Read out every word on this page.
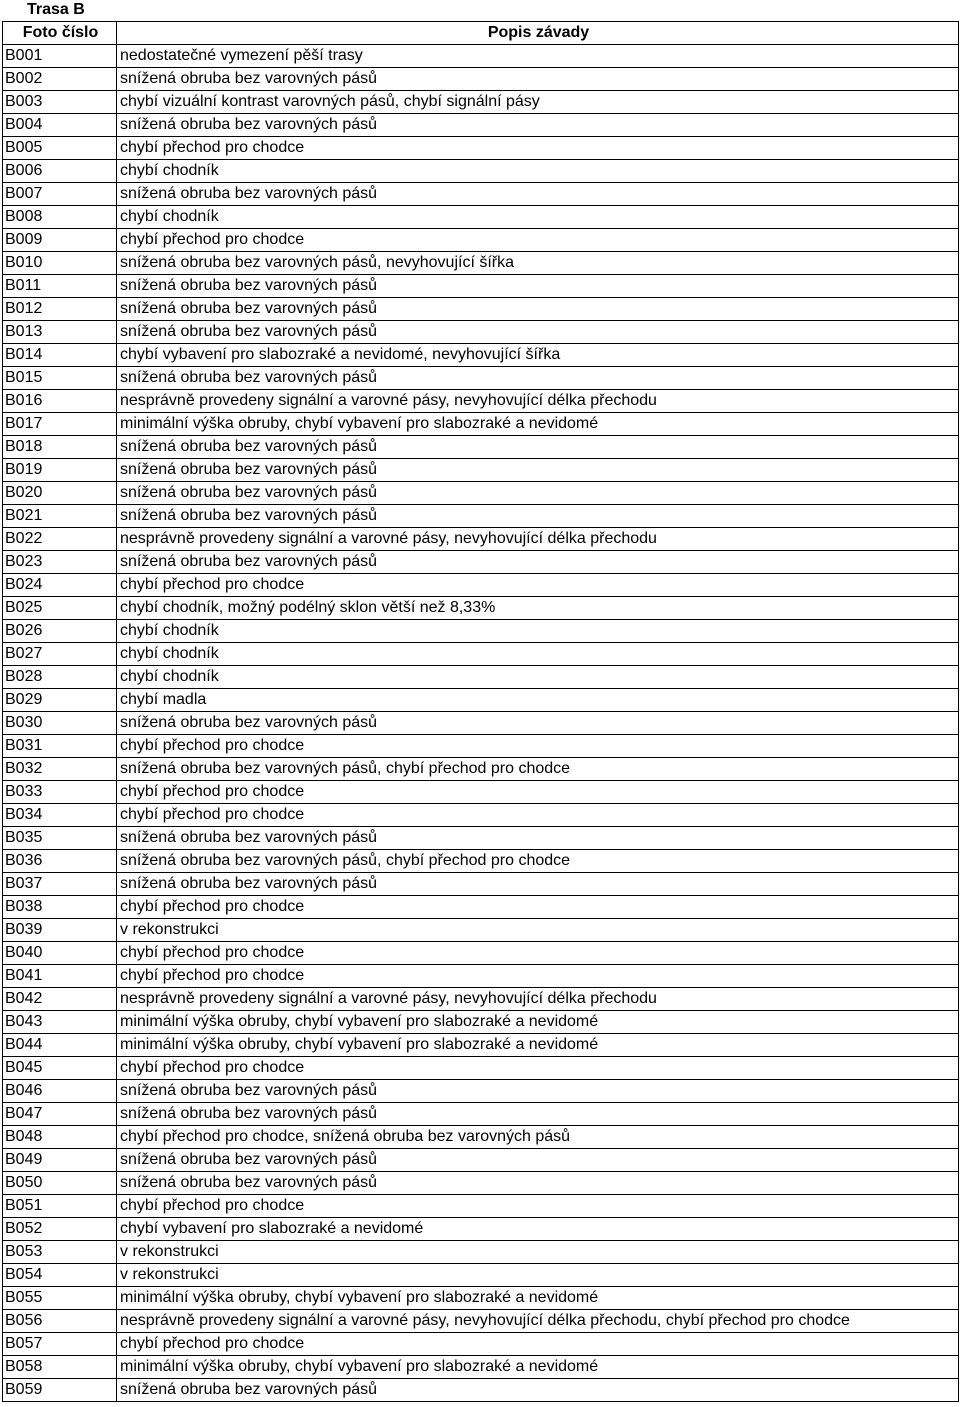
Trasa B
Foto číslo	Popis závady
B001	nedostatečné vymezení pěší trasy
B002	snížená obruba bez varovných pásů
B003	chybí vizuální kontrast varovných pásů, chybí signální pásy
B004	snížená obruba bez varovných pásů
B005	chybí přechod pro chodce
B006	chybí chodník
B007	snížená obruba bez varovných pásů
B008	chybí chodník
B009	chybí přechod pro chodce
B010	snížená obruba bez varovných pásů, nevyhovující šířka
B011	snížená obruba bez varovných pásů
B012	snížená obruba bez varovných pásů
B013	snížená obruba bez varovných pásů
B014	chybí vybavení pro slabozraké a nevidomé, nevyhovující šířka
B015	snížená obruba bez varovných pásů
B016	nesprávně provedeny signální a varovné pásy, nevyhovující délka přechodu
B017	minimální výška obruby, chybí vybavení pro slabozraké a nevidomé
B018	snížená obruba bez varovných pásů
B019	snížená obruba bez varovných pásů
B020	snížená obruba bez varovných pásů
B021	snížená obruba bez varovných pásů
B022	nesprávně provedeny signální a varovné pásy, nevyhovující délka přechodu
B023	snížená obruba bez varovných pásů
B024	chybí přechod pro chodce
B025	chybí chodník, možný podélný sklon větší než 8,33%
B026	chybí chodník
B027	chybí chodník
B028	chybí chodník
B029	chybí madla
B030	snížená obruba bez varovných pásů
B031	chybí přechod pro chodce
B032	snížená obruba bez varovných pásů, chybí přechod pro chodce
B033	chybí přechod pro chodce
B034	chybí přechod pro chodce
B035	snížená obruba bez varovných pásů
B036	snížená obruba bez varovných pásů, chybí přechod pro chodce
B037	snížená obruba bez varovných pásů
B038	chybí přechod pro chodce
B039	v rekonstrukci
B040	chybí přechod pro chodce
B041	chybí přechod pro chodce
B042	nesprávně provedeny signální a varovné pásy, nevyhovující délka přechodu
B043	minimální výška obruby, chybí vybavení pro slabozraké a nevidomé
B044	minimální výška obruby, chybí vybavení pro slabozraké a nevidomé
B045	chybí přechod pro chodce
B046	snížená obruba bez varovných pásů
B047	snížená obruba bez varovných pásů
B048	chybí přechod pro chodce, snížená obruba bez varovných pásů
B049	snížená obruba bez varovných pásů
B050	snížená obruba bez varovných pásů
B051	chybí přechod pro chodce
B052	chybí vybavení pro slabozraké a nevidomé
B053	v rekonstrukci
B054	v rekonstrukci
B055	minimální výška obruby, chybí vybavení pro slabozraké a nevidomé
B056	nesprávně provedeny signální a varovné pásy, nevyhovující délka přechodu, chybí přechod pro chodce
B057	chybí přechod pro chodce
B058	minimální výška obruby, chybí vybavení pro slabozraké a nevidomé
B059	snížená obruba bez varovných pásů
